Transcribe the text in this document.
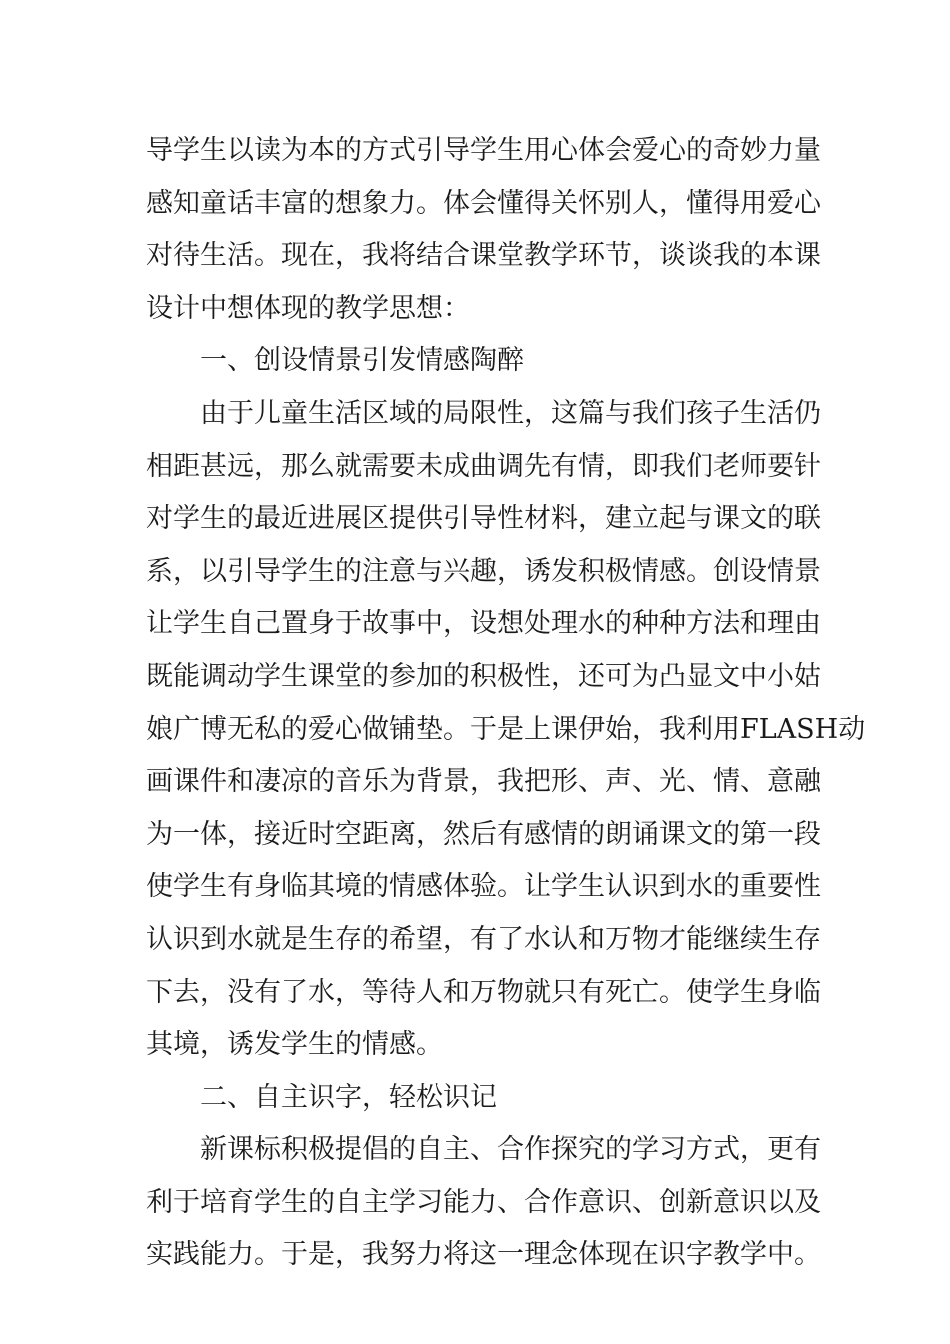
导学生以读为本的方式引导学生用心体会爱心的奇妙力量
感知童话丰富的想象力。体会懂得关怀别人，懂得用爱心
对待生活。现在，我将结合课堂教学环节，谈谈我的本课
设计中想体现的教学思想：
一、创设情景引发情感陶醉
由于儿童生活区域的局限性，这篇与我们孩子生活仍
相距甚远，那么就需要未成曲调先有情，即我们老师要针
对学生的最近进展区提供引导性材料，建立起与课文的联
系，以引导学生的注意与兴趣，诱发积极情感。创设情景
让学生自己置身于故事中，设想处理水的种种方法和理由
既能调动学生课堂的参加的积极性，还可为凸显文中小姑
娘广博无私的爱心做铺垫。于是上课伊始，我利用FLASH动
画课件和凄凉的音乐为背景，我把形、声、光、情、意融
为一体，接近时空距离，然后有感情的朗诵课文的第一段
使学生有身临其境的情感体验。让学生认识到水的重要性
认识到水就是生存的希望，有了水认和万物才能继续生存
下去，没有了水，等待人和万物就只有死亡。使学生身临
其境，诱发学生的情感。
二、自主识字，轻松识记
新课标积极提倡的自主、合作探究的学习方式，更有
利于培育学生的自主学习能力、合作意识、创新意识以及
实践能力。于是，我努力将这一理念体现在识字教学中。
